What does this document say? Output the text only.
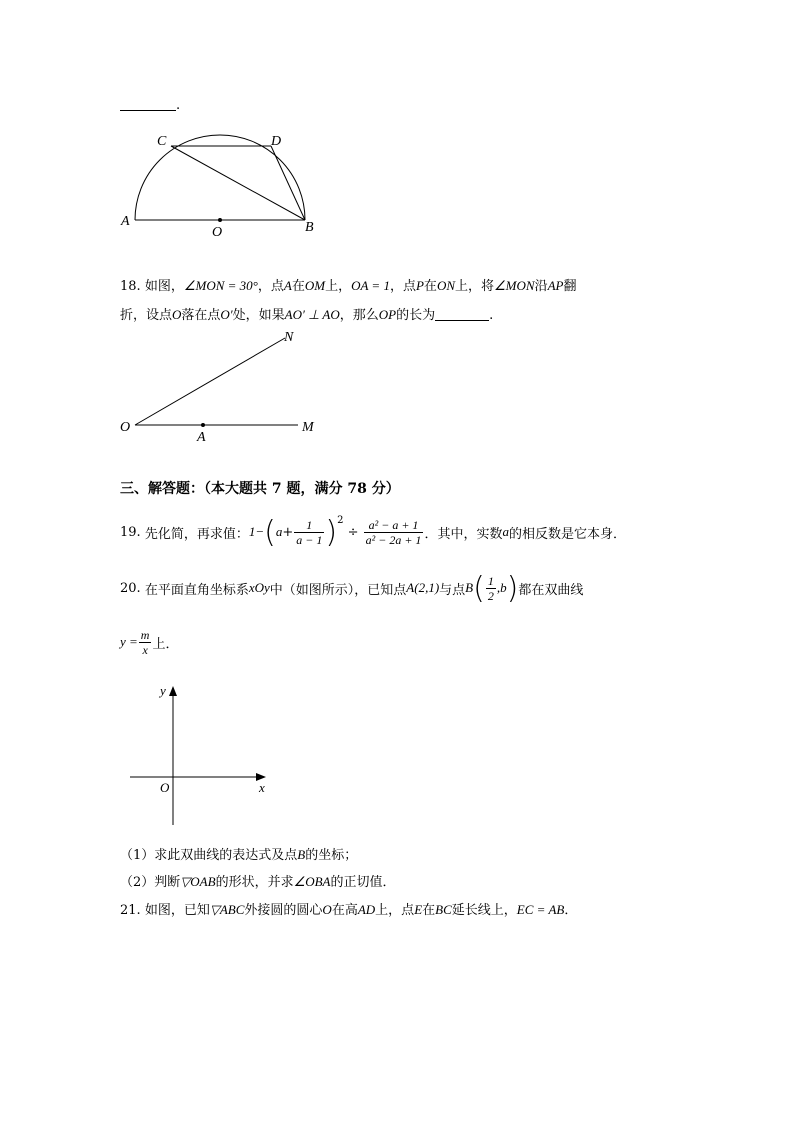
.
C	D
A
O	B
18. 如图，∠MON = 30°，点A在OM上，OA = 1，点P在ON上，将∠MON沿AP翻
折，设点O落在点O′处，如果AO′ ⊥ AO，那么OP的长为	.
N
O
A
M
三、解答题：（本大题共 7 题，满分 78 分）
19.
先化简，再求值： 1− ( $a + \frac{1}{a - 1} )^2$

÷
$\frac{\text{a² − a + 1}}{\text{a² − 2a + 1}}$ ．其中，实数 a 的相反数是它本身．
20.
在平面直角坐标系 xOy 中（如图所示），已知点 A(2,1) 与点 B ( $\frac{1}{2} ,b$ ) 都在双曲线
$y = \frac{m}{x}$ 上．
y
x
O
（1）求此双曲线的表达式及点B的坐标；
（2）判断▽OAB的形状，并求∠OBA的正切值．
21. 如图，已知▽ABC外接圆的圆心O在高AD上，点E在BC延长线上，EC = AB．
